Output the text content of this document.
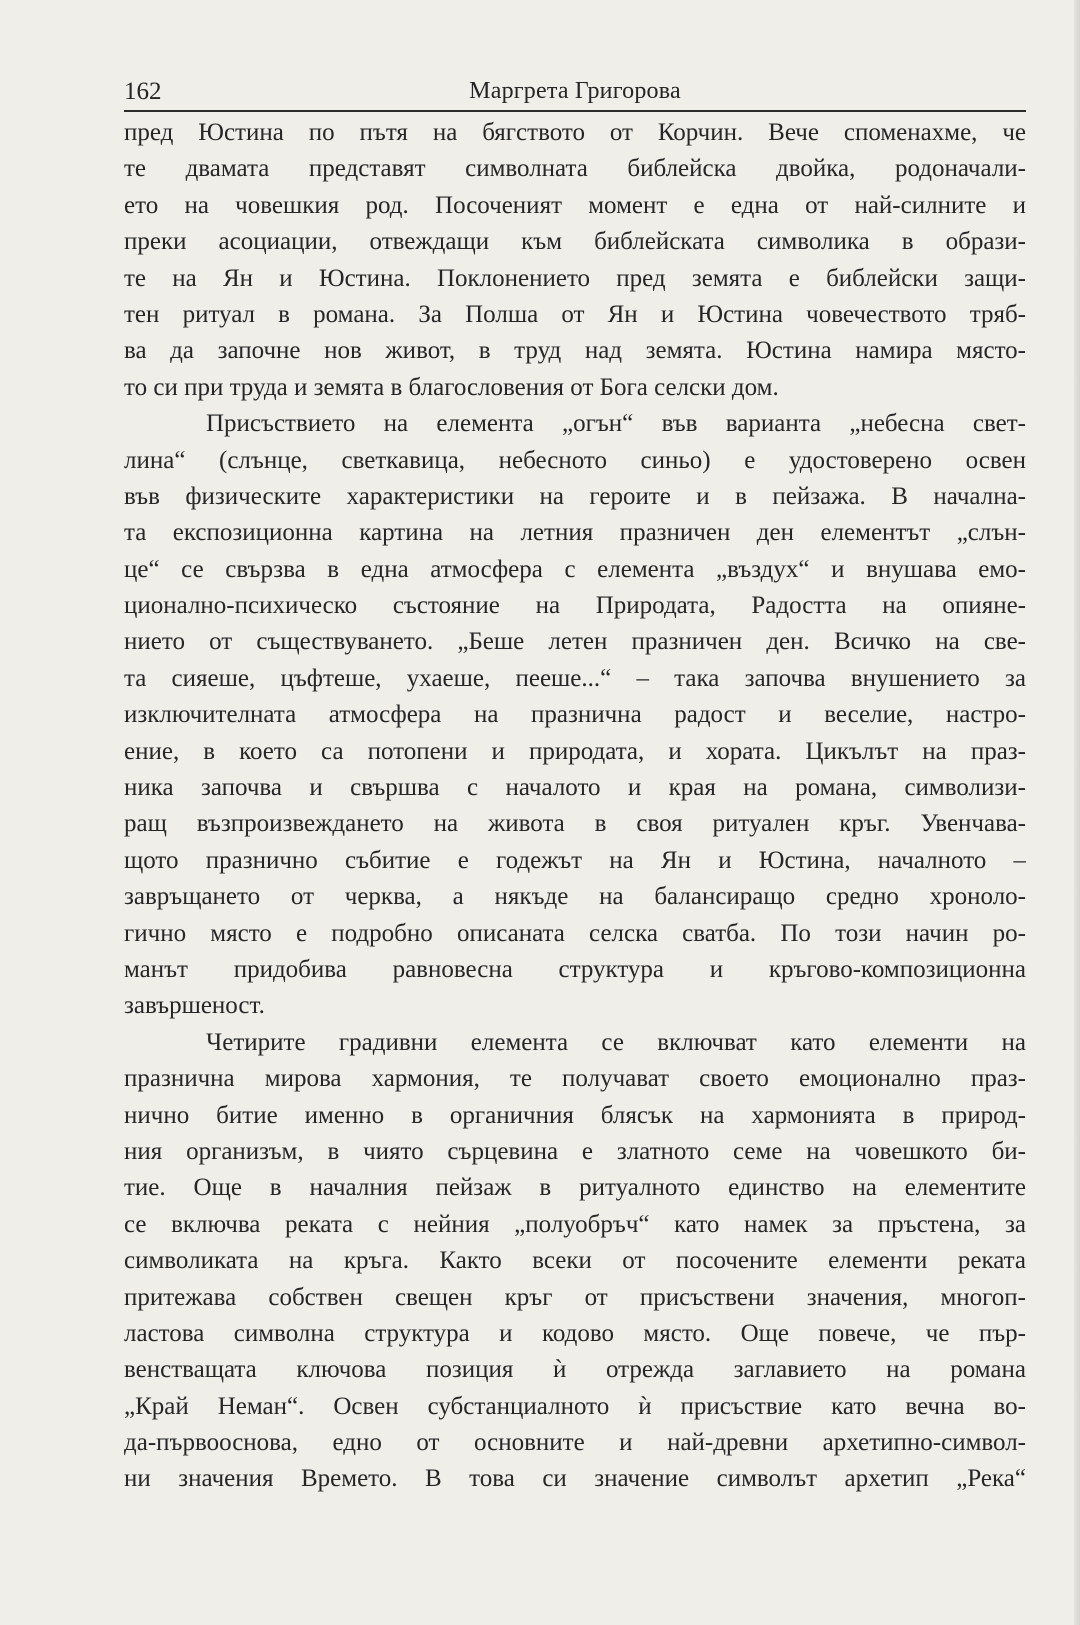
162	Маргрета Григорова
пред Юстина по пътя на бягството от Корчин. Вече споменахме, че
те двамата представят символната библейска двойка, родоначали-
ето на човешкия род. Посоченият момент е една от най-силните и
преки асоциации, отвеждащи към библейската символика в образи-
те на Ян и Юстина. Поклонението пред земята е библейски защи-
тен ритуал в романа. За Полша от Ян и Юстина човечеството тряб-
ва да започне нов живот, в труд над земята. Юстина намира място-
то си при труда и земята в благословения от Бога селски дом.
Присъствието на елемента „огън“ във варианта „небесна свет-
лина“ (слънце, светкавица, небесното синьо) е удостоверено освен
във физическите характеристики на героите и в пейзажа. В начална-
та експозиционна картина на летния празничен ден елементът „слън-
це“ се свързва в една атмосфера с елемента „въздух“ и внушава емо-
ционално-психическо състояние на Природата, Радостта на опияне-
нието от съществуването. „Беше летен празничен ден. Всичко на све-
та сияеше, цъфтеше, ухаеше, пееше...“ – така започва внушението за
изключителната атмосфера на празнична радост и веселие, настро-
ение, в което са потопени и природата, и хората. Цикълът на праз-
ника започва и свършва с началото и края на романа, символизи-
ращ възпроизвеждането на живота в своя ритуален кръг. Увенчава-
щото празнично събитие е годежът на Ян и Юстина, началното –
завръщането от черква, а някъде на балансиращо средно хроноло-
гично място е подробно описаната селска сватба. По този начин ро-
манът придобива равновесна структура и кръгово-композиционна
завършеност.
Четирите градивни елемента се включват като елементи на
празнична мирова хармония, те получават своето емоционално праз-
нично битие именно в органичния блясък на хармонията в природ-
ния организъм, в чиято сърцевина е златното семе на човешкото би-
тие. Още в началния пейзаж в ритуалното единство на елементите
се включва реката с нейния „полуобръч“ като намек за пръстена, за
символиката на кръга. Както всеки от посочените елементи реката
притежава собствен свещен кръг от присъствени значения, многоп-
ластова символна структура и кодово място. Още повече, че пър-
венстващата ключова позиция ѝ отрежда заглавието на романа
„Край Неман“. Освен субстанциалното ѝ присъствие като вечна во-
да-първооснова, едно от основните и най-древни архетипно-символ-
ни значения Времето. В това си значение символът архетип „Река“
